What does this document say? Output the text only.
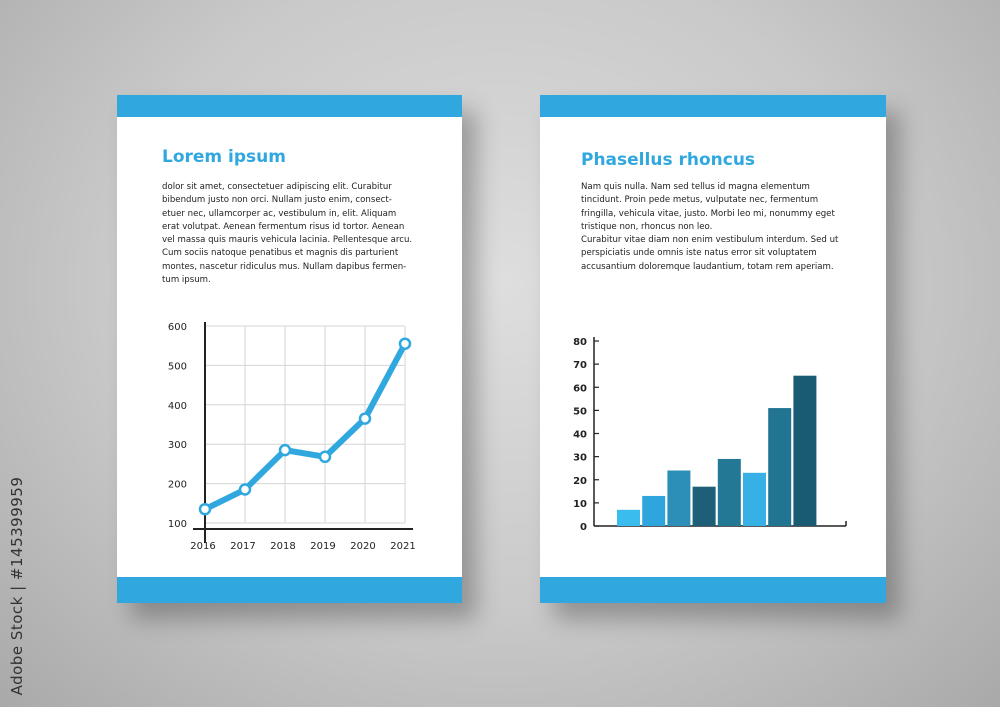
Lorem ipsum

dolor sit amet, consectetuer adipiscing elit. Curabitur
bibendum justo non orci. Nullam justo enim, consect-
etuer nec, ullamcorper ac, vestibulum in, elit. Aliquam
erat volutpat. Aenean fermentum risus id tortor. Aenean
vel massa quis mauris vehicula lacinia. Pellentesque arcu.
Cum sociis natoque penatibus et magnis dis parturient
montes, nascetur ridiculus mus. Nullam dapibus fermen-
tum ipsum.

Phasellus rhoncus

Nam quis nulla. Nam sed tellus id magna elementum
tincidunt. Proin pede metus, vulputate nec, fermentum
fringilla, vehicula vitae, justo. Morbi leo mi, nonummy eget
tristique non, rhoncus non leo.
Curabitur vitae diam non enim vestibulum interdum. Sed ut
perspiciatis unde omnis iste natus error sit voluptatem
accusantium doloremque laudantium, totam rem aperiam.

100
200
300
400
500
600
2016 2017 2018 2019 2020 2021
0
10
20
30
40
50
60
70
80
Adobe Stock | #145399959
